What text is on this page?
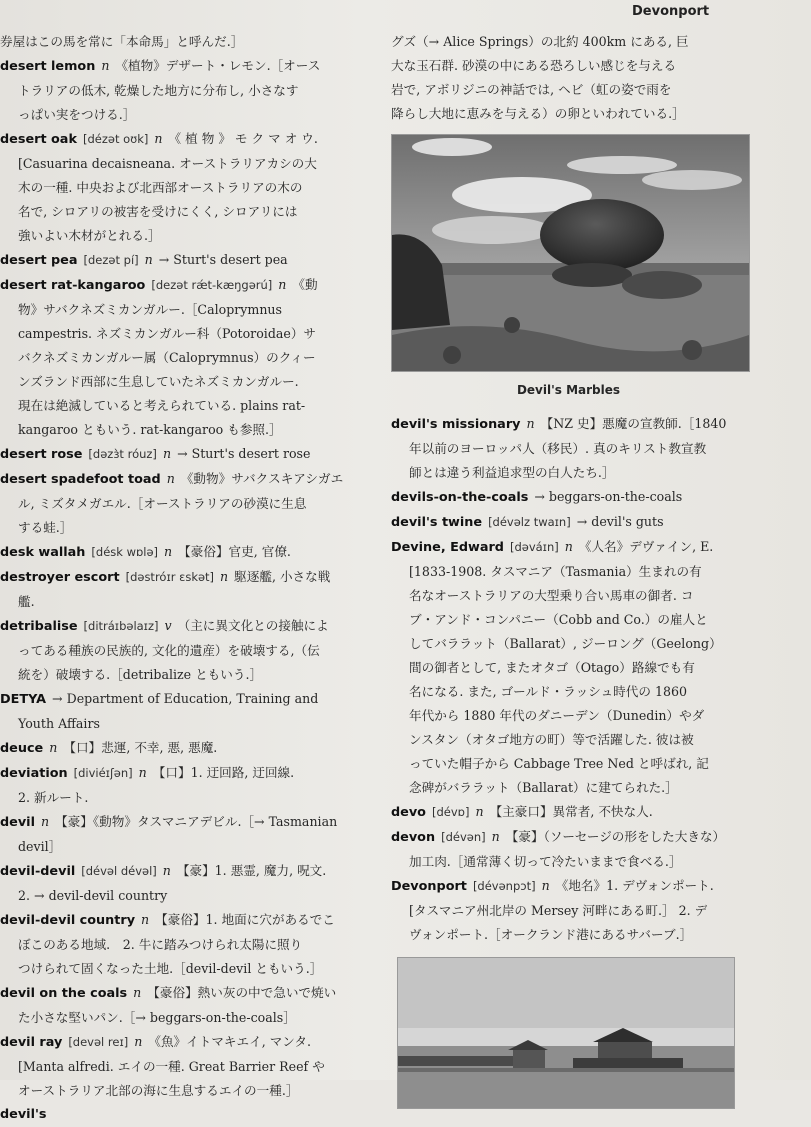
Devonport
券屋はこの馬を常に「本命馬」と呼んだ.］
desert lemon n 《植物》デザート・レモン.［オース
トラリアの低木, 乾燥した地方に分布し, 小さなす
っぱい実をつける.］
desert oak [dézət oʊk] n 《 植 物 》 モ ク マ オ ウ.
[Casuarina decaisneana. オーストラリアカシの大
木の一種. 中央および北西部オーストラリアの木の
名で, シロアリの被害を受けにくく, シロアリには
強いよい木材がとれる.］
desert pea [dezət pí] n → Sturt's desert pea
desert rat-kangaroo [dezət rǽt-kæŋgərú] n 《動
物》サバクネズミカンガルー.［Caloprymnus
campestris. ネズミカンガルー科（Potoroidae）サ
バクネズミカンガルー属（Caloprymnus）のクィー
ンズランド西部に生息していたネズミカンガルー.
現在は絶滅していると考えられている. plains rat-
kangaroo ともいう. rat-kangaroo も参照.］
desert rose [dəzɜ̀t róuz] n → Sturt's desert rose
desert spadefoot toad n 《動物》サバクスキアシガエ
ル, ミズタメガエル.［オーストラリアの砂漠に生息
する蛙.］
desk wallah [désk wɒlə] n 【豪俗】官吏, 官僚.
destroyer escort [dəstróɪr ɛskət] n 駆逐艦, 小さな戦
艦.
detribalise [ditráɪbəlaɪz] v （主に異文化との接触によ
ってある種族の民族的, 文化的遺産）を破壊する,（伝
統を）破壊する.［detribalize ともいう.］
DETYA → Department of Education, Training and
Youth Affairs
deuce n 【口】悲運, 不幸, 悪, 悪魔.
deviation [diviéɪʃən] n 【口】1. 迂回路, 迂回線.
2. 新ルート.
devil n 【豪】《動物》タスマニアデビル.［→ Tasmanian
devil］
devil-devil [dévəl dévəl] n 【豪】1. 悪霊, 魔力, 呪文.
2. → devil-devil country
devil-devil country n 【豪俗】1. 地面に穴があるでこ
ぼこのある地域.　2. 牛に踏みつけられ太陽に照り
つけられて固くなった土地.［devil-devil ともいう.］
devil on the coals n 【豪俗】熱い灰の中で急いで焼い
た小さな堅いパン.［→ beggars-on-the-coals］
devil ray [devəl reɪ] n 《魚》イトマキエイ, マンタ.
[Manta alfredi. エイの一種. Great Barrier Reef や
オーストラリア北部の海に生息するエイの一種.］
devil's
グズ（→ Alice Springs）の北約 400km にある, 巨
大な玉石群. 砂漠の中にある恐ろしい感じを与える
岩で, アボリジニの神話では, ヘビ（虹の姿で雨を
降らし大地に恵みを与える）の卵といわれている.］
Devil's Marbles
devil's missionary n 【NZ 史】悪魔の宣教師.［1840
年以前のヨーロッパ人（移民）. 真のキリスト教宣教
師とは違う利益追求型の白人たち.］
devils-on-the-coals → beggars-on-the-coals
devil's twine [dévəlz twaɪn] → devil's guts
Devine, Edward [dəváɪn] n 《人名》デヴァイン, E.
[1833-1908. タスマニア（Tasmania）生まれの有
名なオーストラリアの大型乗り合い馬車の御者. コ
ブ・アンド・コンパニー（Cobb and Co.）の雇人と
してバララット（Ballarat）, ジーロング（Geelong）
間の御者として, またオタゴ（Otago）路線でも有
名になる. また, ゴールド・ラッシュ時代の 1860
年代から 1880 年代のダニーデン（Dunedin）やダ
ンスタン（オタゴ地方の町）等で活躍した. 彼は被
っていた帽子から Cabbage Tree Ned と呼ばれ, 記
念碑がバララット（Ballarat）に建てられた.］
devo [dévɒ] n 【主豪口】異常者, 不快な人.
devon [dévən] n 【豪】（ソーセージの形をした大きな）
加工肉.［通常薄く切って冷たいままで食べる.］
Devonport [dévənpɔt] n 《地名》1. デヴォンポート.
[タスマニア州北岸の Mersey 河畔にある町.］ 2. デ
ヴォンポート.［オークランド港にあるサバーブ.］
